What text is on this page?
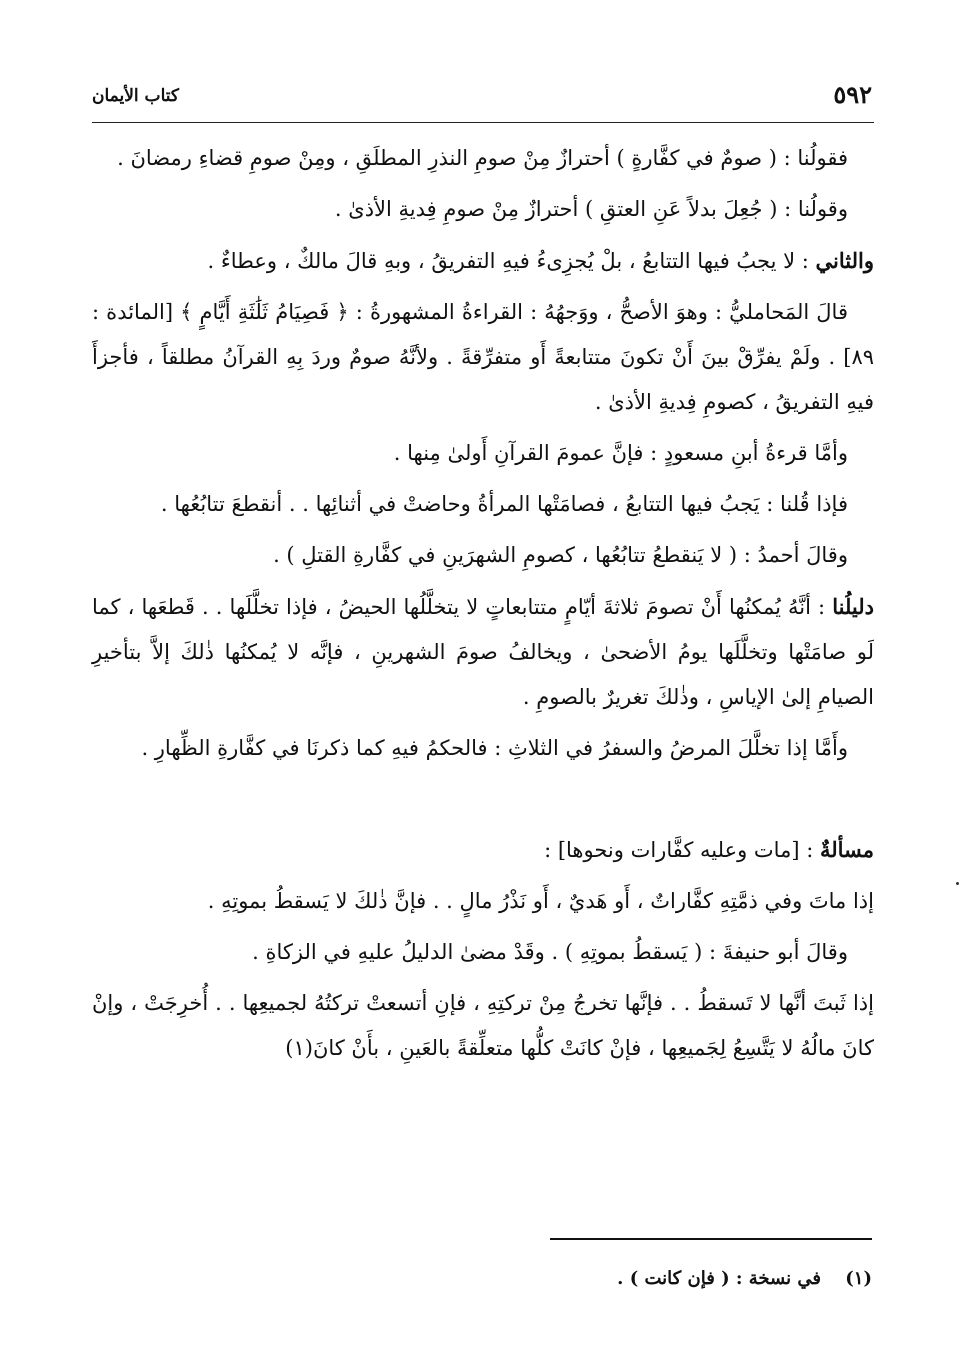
٥٩٢
كتاب الأيمان

فقولُنا : ( صومٌ في كفَّارةٍ ) أحترازٌ مِنْ صومِ النذرِ المطلَقِ ، ومِنْ صومِ قضاءِ رمضانَ .

وقولُنا : ( جُعِلَ بدلاً عَنِ العتقِ ) أحترازٌ مِنْ صومِ فِديةِ الأذىٰ .

والثاني : لا يجبُ فيها التتابعُ ، بلْ يُجزِىءُ فيهِ التفريقُ ، وبهِ قالَ مالكٌ ، وعطاءٌ .

قالَ المَحامليُّ : وهوَ الأصحُّ ، ووَجهُهُ : القراءةُ المشهورةُ : ﴿ فَصِيَامُ ثَلَٰثَةِ أَيَّامٍ ﴾ [المائدة : ٨٩] . ولَمْ يفرِّقْ بينَ أَنْ تكونَ متتابعةً أَو متفرِّقةً . ولأنَّهُ صومٌ وردَ بِهِ القرآنُ مطلقاً ، فأجزأَ فيهِ التفريقُ ، كصومِ فِديةِ الأذىٰ .

وأمَّا قرءةُ أبنِ مسعودٍ : فإنَّ عمومَ القرآنِ أَولىٰ مِنها .

فإذا قُلنا : يَجبُ فيها التتابعُ ، فصامَتْها المرأةُ وحاضتْ في أثنائِها . . أنقطعَ تتابُعُها .

وقالَ أحمدُ : ( لا يَنقطعُ تتابُعُها ، كصومِ الشهرَينِ في كفَّارةِ القتلِ ) .

دليلُنا : أنَّهُ يُمكنُها أَنْ تصومَ ثلاثةَ أيّامٍ متتابعاتٍ لا يتخلَّلُها الحيضُ ، فإذا تخلَّلَها . . قَطعَها ، كما لَو صامَتْها وتخلَّلَها يومُ الأضحىٰ ، ويخالفُ صومَ الشهرينِ ، فإنَّه لا يُمكنُها ذٰلكَ إلاَّ بتأخيرِ الصيامِ إلىٰ الإياسِ ، وذٰلكَ تغريرٌ بالصومِ .

وأَمَّا إذا تخلَّلَ المرضُ والسفرُ في الثلاثِ : فالحكمُ فيهِ كما ذكرنَا في كفَّارةِ الظِّهارِ .

مسألةٌ : [مات وعليه كفَّارات ونحوها] :

إذا ماتَ وفي ذمَّتِهِ كفَّاراتٌ ، أَو هَديٌ ، أَو نَذْرُ مالٍ . . فإنَّ ذٰلكَ لا يَسقطُ بموتِهِ .

وقالَ أبو حنيفةَ : ( يَسقطُ بموتِهِ ) . وقَدْ مضىٰ الدليلُ عليهِ في الزكاةِ .

إذا ثَبتَ أنَّها لا تَسقطُ . . فإنَّها تخرجُ مِنْ تركتِهِ ، فإنِ أتسعتْ تركتُهُ لجميعِها . . أُخرِجَتْ ، وإنْ كانَ مالُهُ لا يَتَّسِعُ لِجَميعِها ، فإنْ كانَتْ كلُّها متعلِّقةً بالعَينِ ، بأَنْ كانَ(١)

(١) في نسخة : ( فإن كانت ) .
